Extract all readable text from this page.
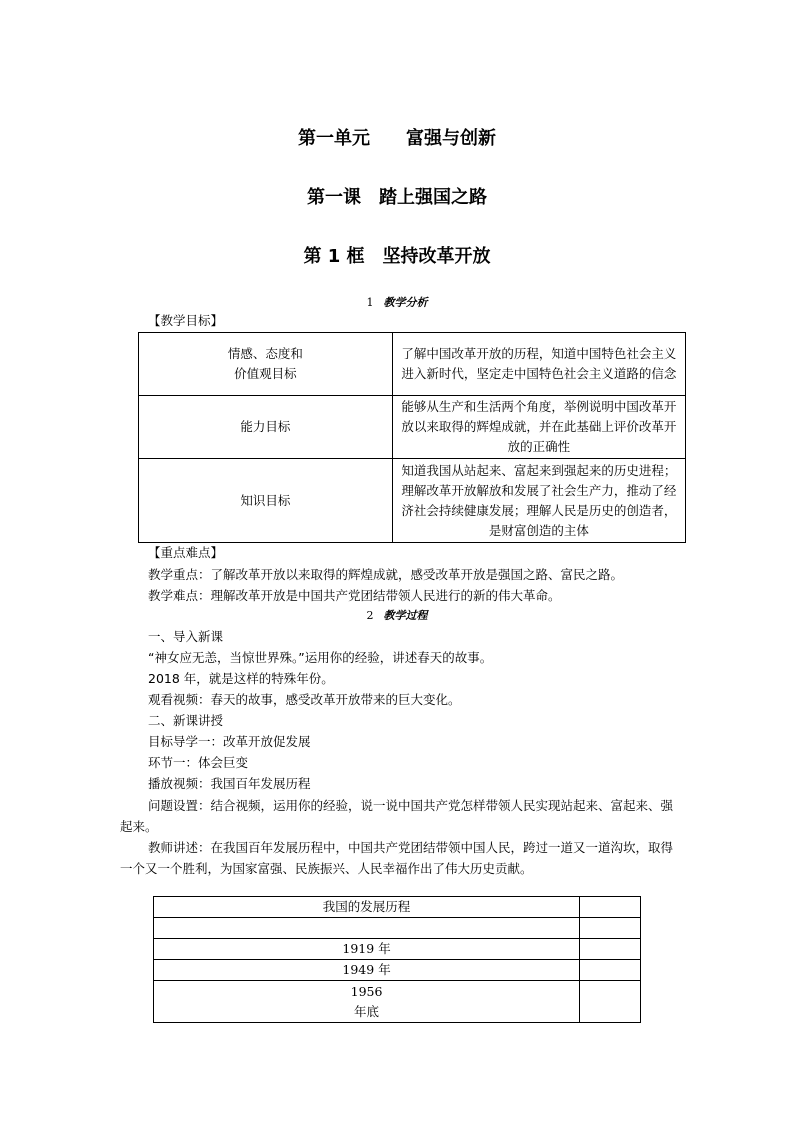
第一单元　　富强与创新
第一课　踏上强国之路
第 1 框　坚持改革开放
1 教学分析
【教学目标】
情感、态度和
价值观目标	了解中国改革开放的历程，知道中国特色社会主义进入新时代，坚定走中国特色社会主义道路的信念

能力目标	能够从生产和生活两个角度，举例说明中国改革开放以来取得的辉煌成就，并在此基础上评价改革开放的正确性

知识目标	知道我国从站起来、富起来到强起来的历史进程；理解改革开放解放和发展了社会生产力，推动了经济社会持续健康发展；理解人民是历史的创造者，是财富创造的主体
【重点难点】
教学重点：了解改革开放以来取得的辉煌成就，感受改革开放是强国之路、富民之路。
教学难点：理解改革开放是中国共产党团结带领人民进行的新的伟大革命。
2 教学过程
一、导入新课
“神女应无恙，当惊世界殊。”运用你的经验，讲述春天的故事。
2018 年，就是这样的特殊年份。
观看视频：春天的故事，感受改革开放带来的巨大变化。
二、新课讲授
目标导学一：改革开放促发展
环节一：体会巨变
播放视频：我国百年发展历程
问题设置：结合视频，运用你的经验，说一说中国共产党怎样带领人民实现站起来、富起来、强起来。
教师讲述：在我国百年发展历程中，中国共产党团结带领中国人民，跨过一道又一道沟坎，取得一个又一个胜利，为国家富强、民族振兴、人民幸福作出了伟大历史贡献。
我国的发展历程	

1919 年	
1949 年	

1956
年底	
